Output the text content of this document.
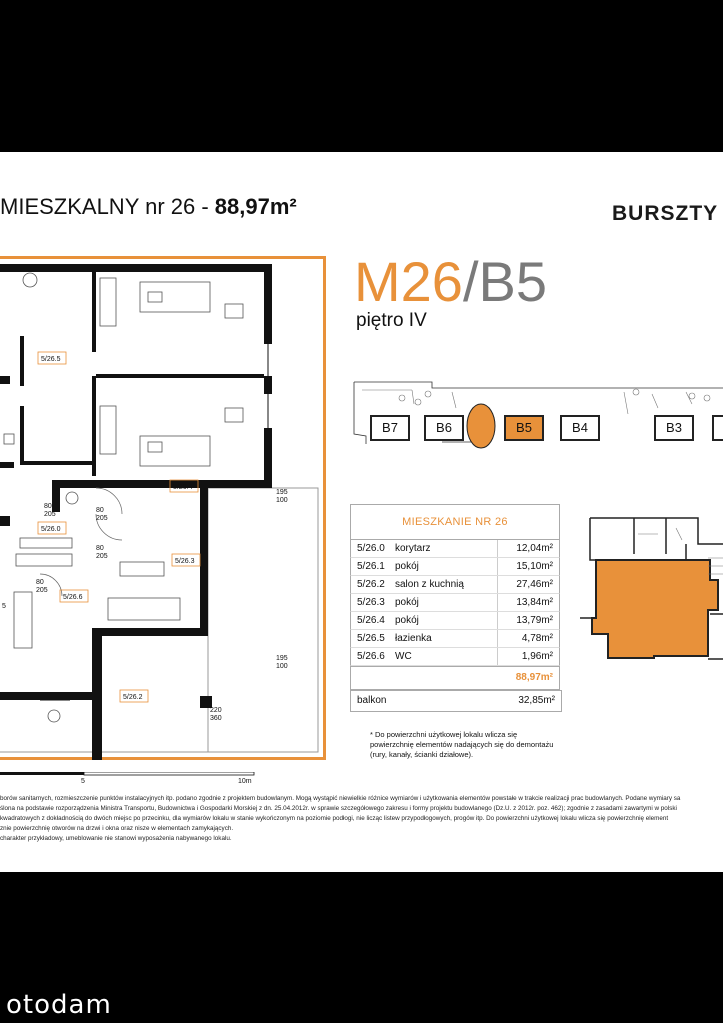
MIESZKALNY nr 26 - 88,97m²	BURSZTY
5/26.5
5/26.4
5/26.0
5/26.3
5/26.6
5/26.2
80
205
80
205
80
205
80
205
195
100
195
100
220
360
5
5	10m
M26/B5
piętro IV
B7	B6	B5	B4	B3
MIESZKANIE NR 26
5/26.0 korytarz	12,04m²
5/26.1 pokój	15,10m²
5/26.2 salon z kuchnią	27,46m²
5/26.3 pokój	13,84m²
5/26.4 pokój	13,79m²
5/26.5 łazienka	4,78m²
5/26.6 WC	1,96m²
88,97m²
balkon	32,85m²
* Do powierzchni użytkowej lokalu wlicza się
powierzchnię elementów nadających się do demontażu
(rury, kanały, ścianki działowe).
borów sanitarnych, rozmieszczenie punktów instalacyjnych itp. podano zgodnie z projektem budowlanym. Mogą wystąpić niewielkie różnice wymiarów i użytkowania elementów powstałe w trakcie realizacji prac budowlanych. Podane wymiary sa
ślona na podstawie rozporządzenia Ministra Transportu, Budownictwa i Gospodarki Morskiej z dn. 25.04.2012r. w sprawie szczegółowego zakresu i formy projektu budowlanego (Dz.U. z 2012r. poz. 462); zgodnie z zasadami zawartymi w polski
kwadratowych z dokładnością do dwóch miejsc po przecinku, dla wymiarów lokalu w stanie wykończonym na poziomie podłogi, nie licząc listew przypodłogowych, progów itp. Do powierzchni użytkowej lokalu wlicza się powierzchnię element
znie powierzchnię otworów na drzwi i okna oraz nisze w elementach zamykających.
charakter przykładowy, umeblowanie nie stanowi wyposażenia nabywanego lokalu.
otodam
